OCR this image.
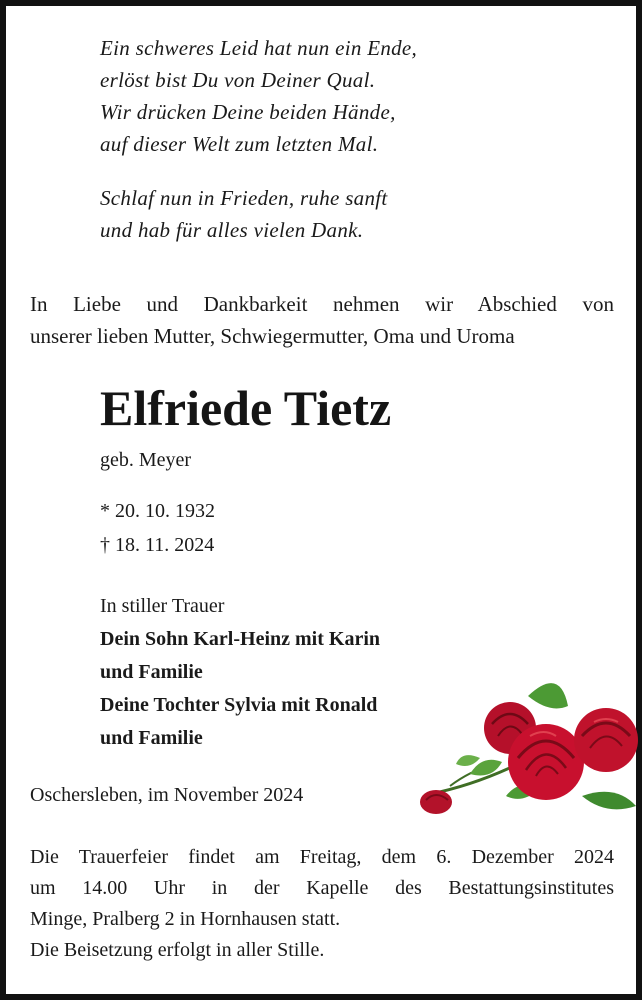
Ein schweres Leid hat nun ein Ende,
erlöst bist Du von Deiner Qual.
Wir drücken Deine beiden Hände,
auf dieser Welt zum letzten Mal.
Schlaf nun in Frieden, ruhe sanft
und hab für alles vielen Dank.
In Liebe und Dankbarkeit nehmen wir Abschied von
unserer lieben Mutter, Schwiegermutter, Oma und Uroma
Elfriede Tietz
geb. Meyer
* 20. 10. 1932
† 18. 11. 2024
In stiller Trauer
Dein Sohn Karl-Heinz mit Karin
und Familie
Deine Tochter Sylvia mit Ronald
und Familie
Oschersleben, im November 2024
Die Trauerfeier findet am Freitag, dem 6. Dezember 2024
um 14.00 Uhr in der Kapelle des Bestattungsinstitutes
Minge, Pralberg 2 in Hornhausen statt.
Die Beisetzung erfolgt in aller Stille.
